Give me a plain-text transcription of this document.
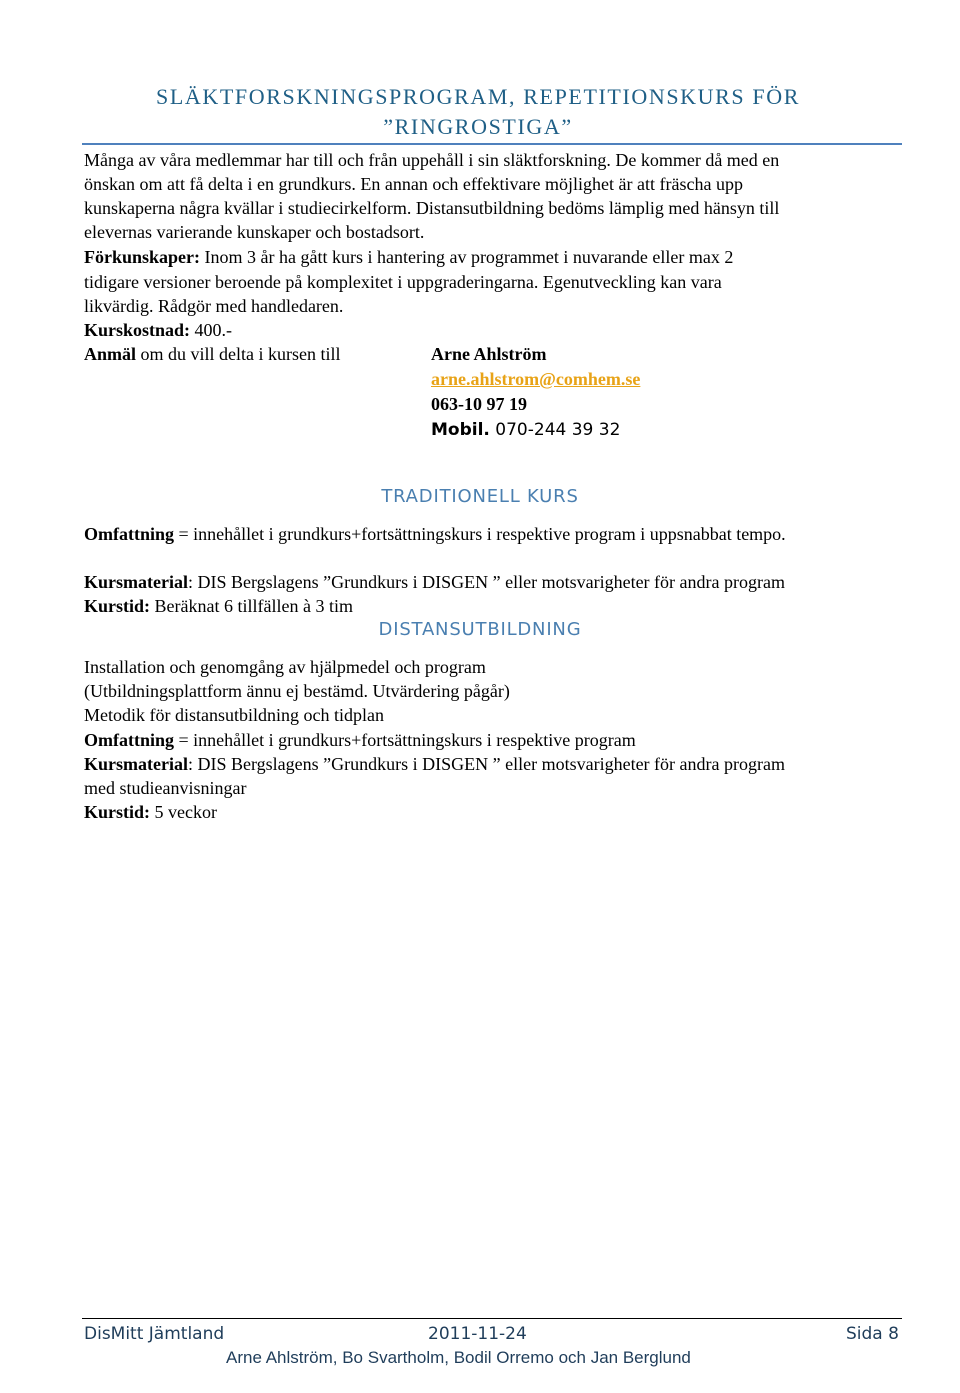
SLÄKTFORSKNINGSPROGRAM, REPETITIONSKURS FÖR
”RINGROSTIGA”
Många av våra medlemmar har till och från uppehåll i sin släktforskning. De kommer då med en
önskan om att få delta i en grundkurs. En annan och effektivare möjlighet är att fräscha upp
kunskaperna några kvällar i studiecirkelform. Distansutbildning bedöms lämplig med hänsyn till
elevernas varierande kunskaper och bostadsort.
Förkunskaper: Inom 3 år ha gått kurs i hantering av programmet i nuvarande eller max 2
tidigare versioner beroende på komplexitet i uppgraderingarna. Egenutveckling kan vara
likvärdig. Rådgör med handledaren.
Kurskostnad: 400.-
Anmäl om du vill delta i kursen till	Arne Ahlström
arne.ahlstrom@comhem.se
063-10 97 19
Mobil. 070-244 39 32
TRADITIONELL KURS
Omfattning = innehållet i grundkurs+fortsättningskurs i respektive program i uppsnabbat tempo.
Kursmaterial: DIS Bergslagens ”Grundkurs i DISGEN ” eller motsvarigheter för andra program
Kurstid: Beräknat 6 tillfällen à 3 tim
DISTANSUTBILDNING
Installation och genomgång av hjälpmedel och program
(Utbildningsplattform ännu ej bestämd. Utvärdering pågår)
Metodik för distansutbildning och tidplan
Omfattning = innehållet i grundkurs+fortsättningskurs i respektive program
Kursmaterial: DIS Bergslagens ”Grundkurs i DISGEN ” eller motsvarigheter för andra program
med studieanvisningar
Kurstid: 5 veckor
DisMitt Jämtland	2011-11-24	Sida 8
Arne Ahlström, Bo Svartholm, Bodil Orremo och Jan Berglund
